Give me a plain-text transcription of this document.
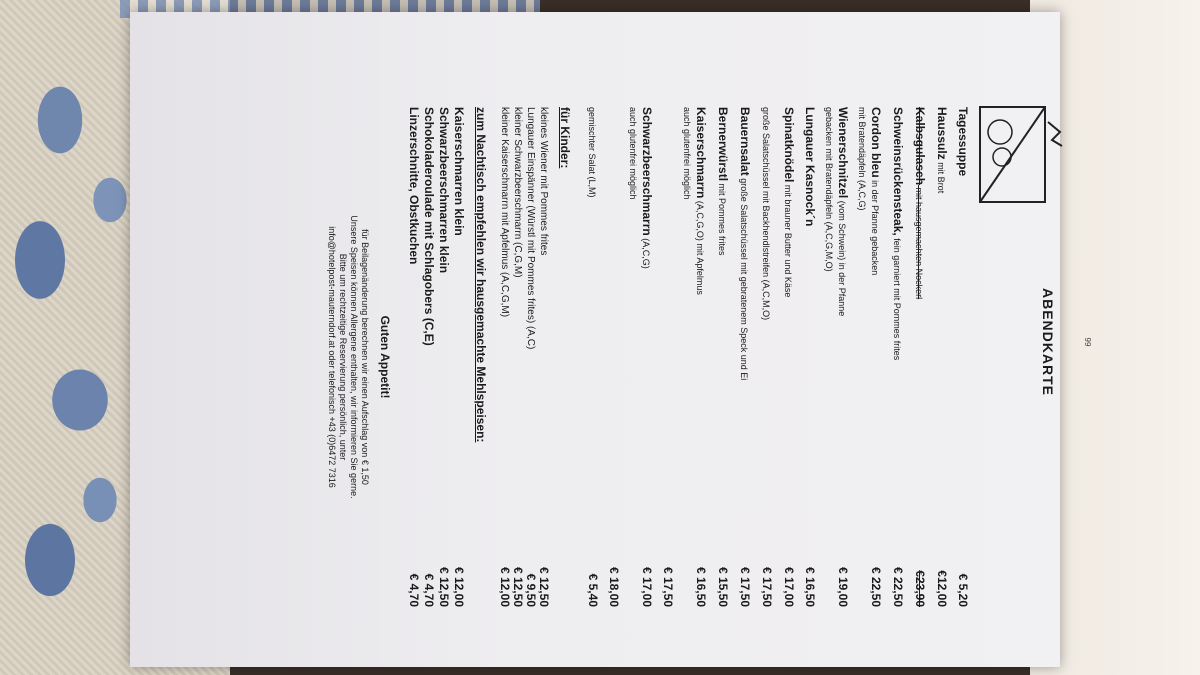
99
ABENDKARTE
Tagessuppe
€ 5,20
Haussulz mit Brot
€12,00
Kalbsgulasch mit hausgemachten Nockerl
€23,90
Schweinsrückensteak, fein garniert mit Pommes frites
€ 22,50
Cordon bleu in der Pfanne gebacken
€ 22,50
mit Bratendäpfeln (A,C,G)
Wienerschnitzel (vom Schwein) in der Pfanne
€ 19,00
gebacken mit Bratendäpfeln (A,C,G,M,O)
Lungauer Kasnock´n
€ 16,50
Spinatknödel mit brauner Butter und Käse
€ 17,00
große Salatschüssel mit Backhendlstreifen (A,C,M,O)
€ 17,50
Bauernsalat große Salatschüssel mit gebratenem Speck und Ei
€ 17,50
Bernerwürstl mit Pommes frites
€ 15,50
Kaiserschmarrn (A,C,G,O) mit Apfelmus
€ 16,50
auch glutenfrei möglich
€ 17,50
Schwarzbeerschmarrn (A,C,G)
€ 17,00
auch glutenfrei möglich
€ 18,00
gemischter Salat (L,M)
€ 5,40
für Kinder:
kleines Wiener mit Pommes frites
€ 12,50
Lungauer Einspänner (Würstl mit Pommes frites) (A,C)
€ 9,50
kleiner Schwarzbeerschmarrn (C,G,M)
€ 12,50
kleiner Kaiserschmarrn mit Apfelmus (A,C,G,M)
€ 12,00
zum Nachtisch empfehlen wir hausgemachte Mehlspeisen:
Kaiserschmarren klein
€ 12,00
Schwarzbeerschmarren klein
€ 12,50
Schokoladeroulade mit Schlagobers (C,E)
€ 4,70
Linzerschnitte, Obstkuchen
€ 4,70
Guten Appetit!
für Beilagenänderung berechnen wir einen Aufschlag von € 1,50
Unsere Speisen können Allergene enthalten, wir informieren Sie gerne.
Bitte um rechtzeitige Reservierung persönlich, unter
info@hotelpost-mauterndorf.at oder telefonisch +43 (0)6472 7316
